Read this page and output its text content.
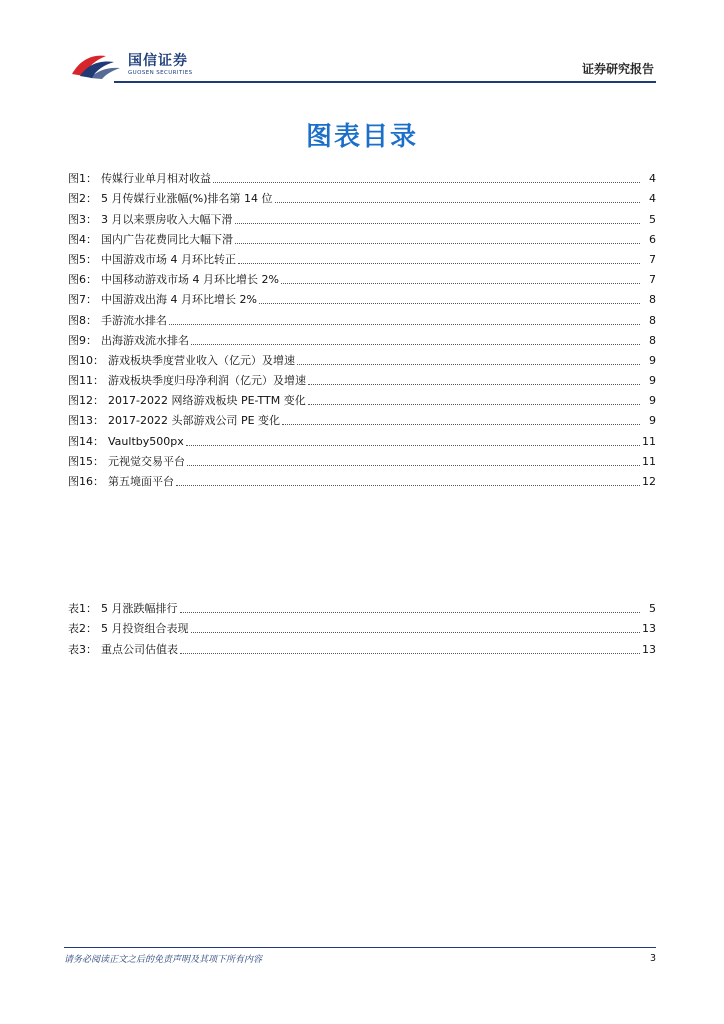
国信证券
GUOSEN SECURITIES	证券研究报告
图表目录
图1： 传媒行业单月相对收益	4
图2： 5 月传媒行业涨幅(%)排名第 14 位	4
图3： 3 月以来票房收入大幅下滑	5
图4： 国内广告花费同比大幅下滑	6
图5： 中国游戏市场 4 月环比转正	7
图6： 中国移动游戏市场 4 月环比增长 2%	7
图7： 中国游戏出海 4 月环比增长 2%	8
图8： 手游流水排名	8
图9： 出海游戏流水排名	8
图10： 游戏板块季度营业收入（亿元）及增速	9
图11： 游戏板块季度归母净利润（亿元）及增速	9
图12： 2017-2022 网络游戏板块 PE-TTM 变化	9
图13： 2017-2022 头部游戏公司 PE 变化	9
图14： Vaultby500px	11
图15： 元视觉交易平台	11
图16： 第五境面平台	12
表1： 5 月涨跌幅排行	5
表2： 5 月投资组合表现	13
表3： 重点公司估值表	13
请务必阅读正文之后的免责声明及其项下所有内容	3
